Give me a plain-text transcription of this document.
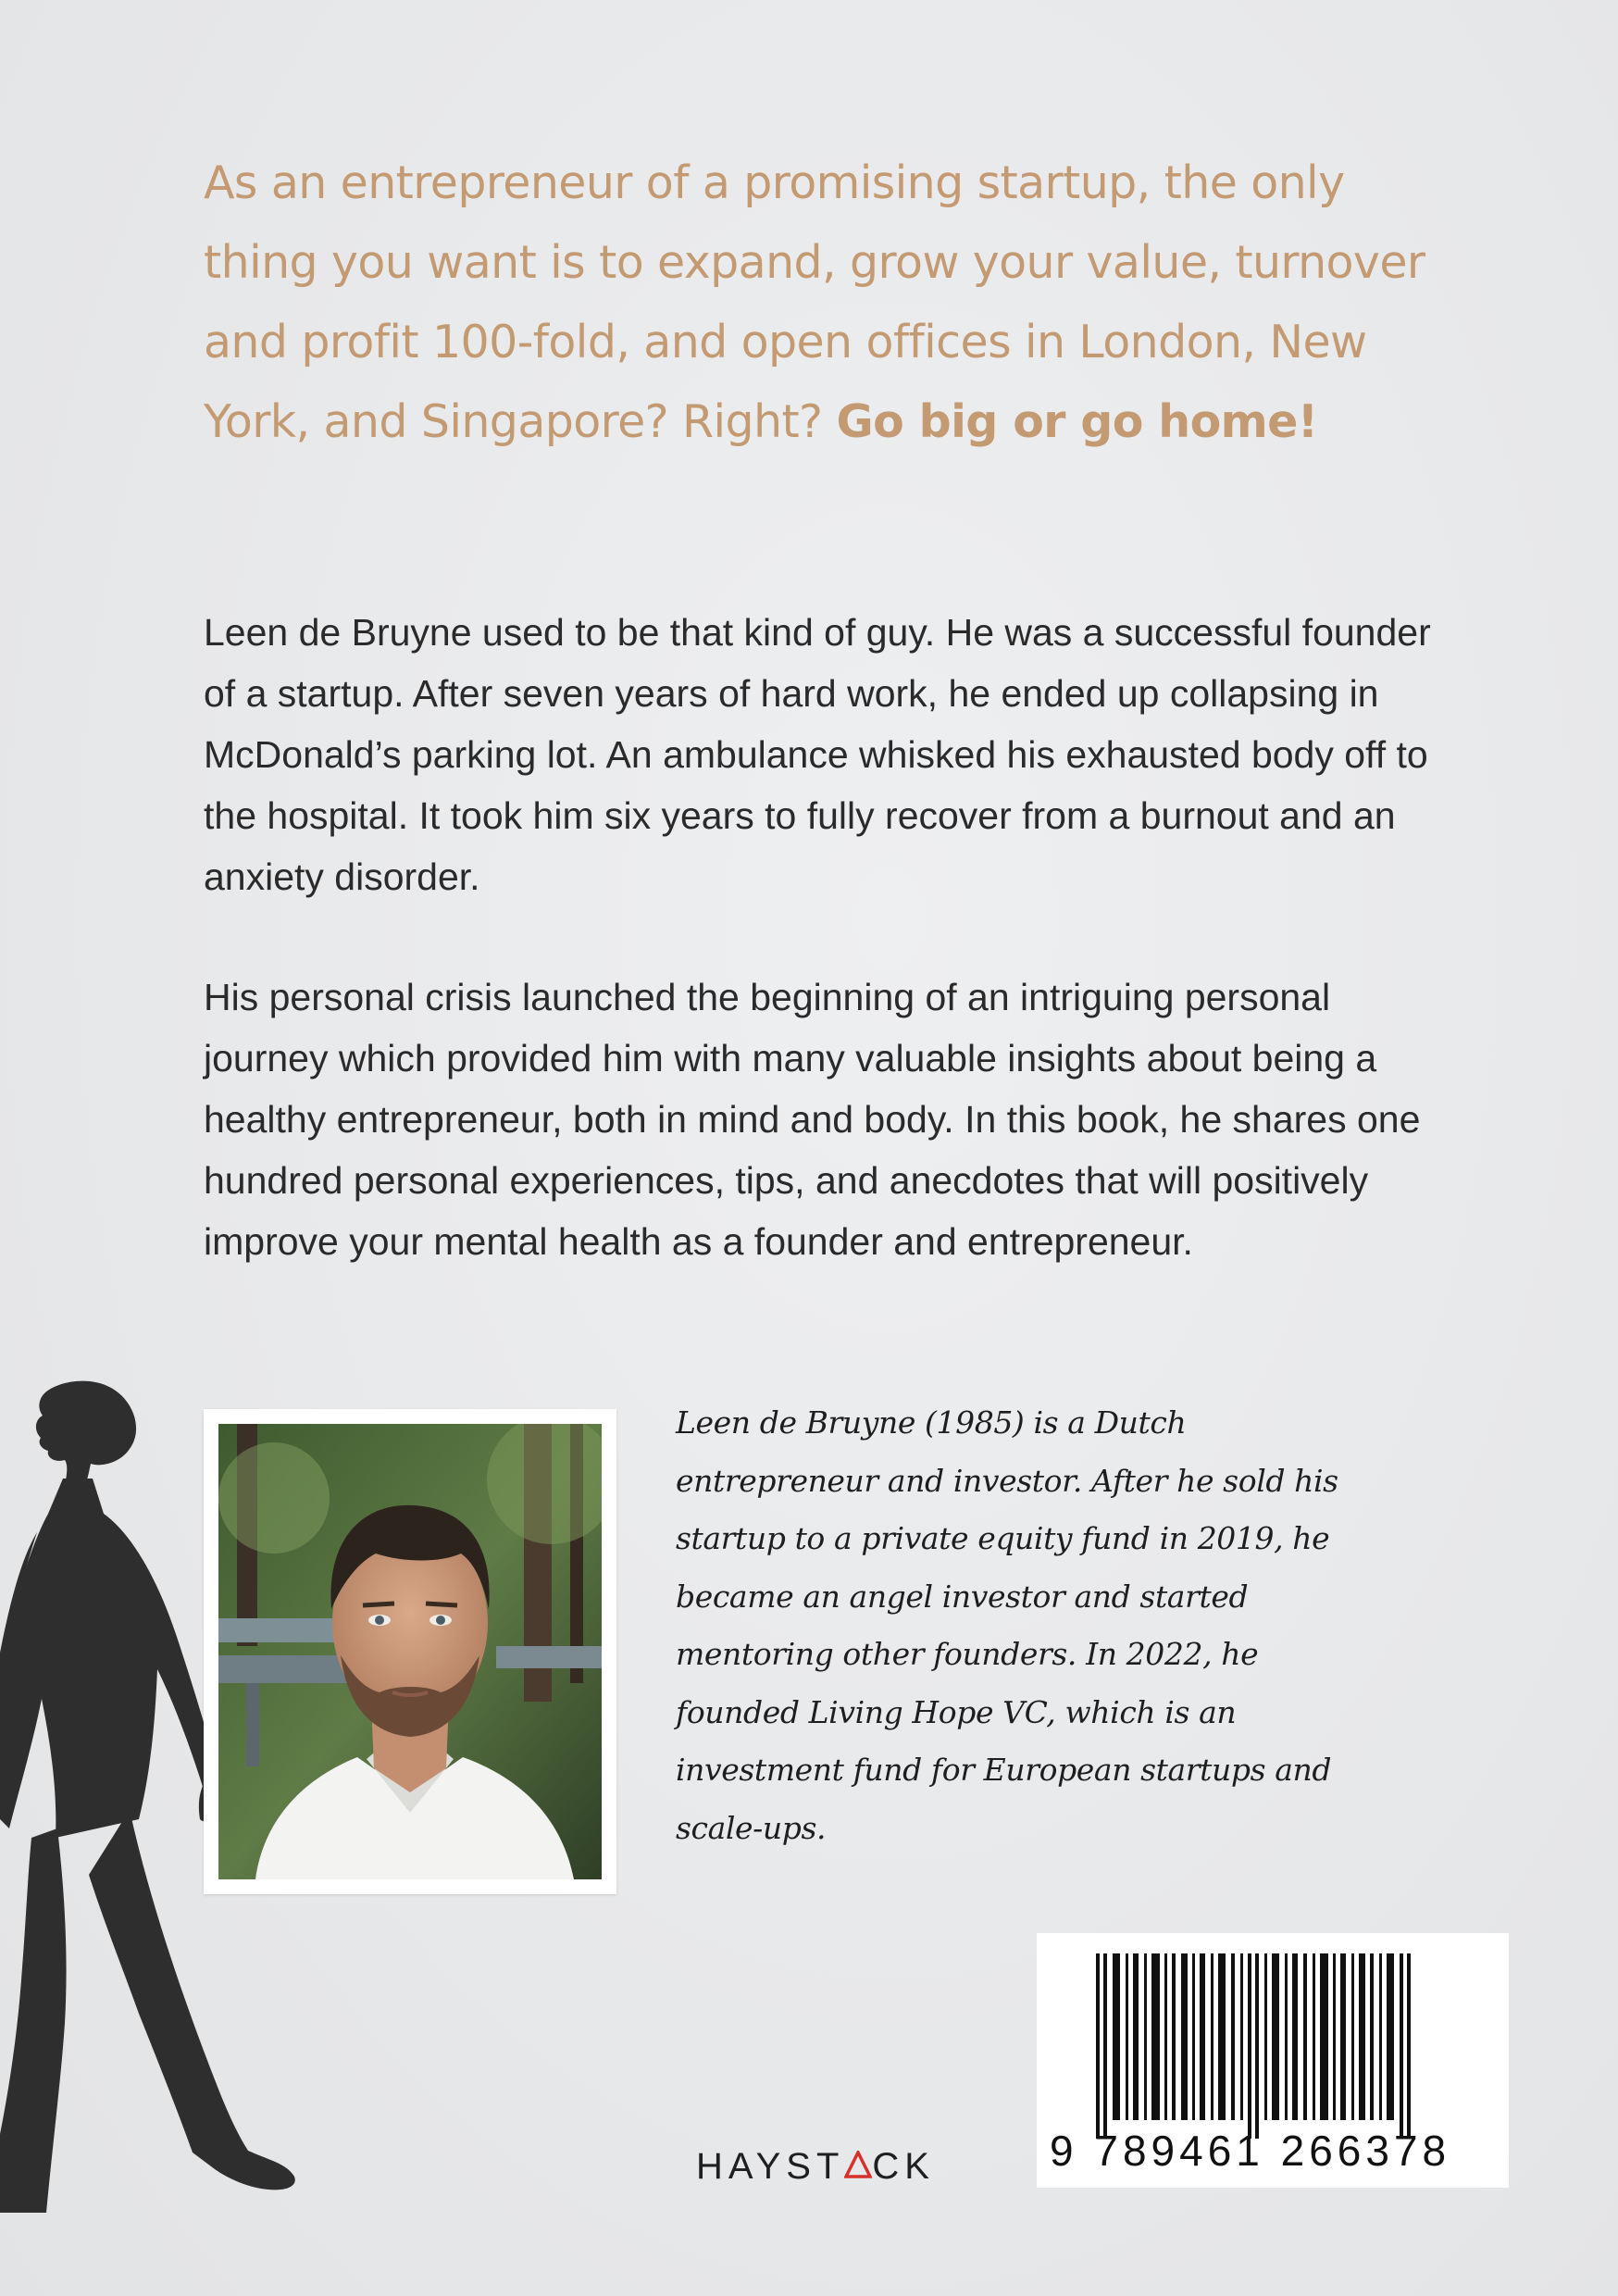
As an entrepreneur of a promising startup, the only thing you want is to expand, grow your value, turnover and profit 100-fold, and open offices in London, New York, and Singapore? Right? Go big or go home!

Leen de Bruyne used to be that kind of guy. He was a successful founder of a startup. After seven years of hard work, he ended up collapsing in McDonald’s parking lot. An ambulance whisked his exhausted body off to the hospital. It took him six years to fully recover from a burnout and an anxiety disorder.

His personal crisis launched the beginning of an intriguing personal journey which provided him with many valuable insights about being a healthy entrepreneur, both in mind and body. In this book, he shares one hundred personal experiences, tips, and anecdotes that will positively improve your mental health as a founder and entrepreneur.

Leen de Bruyne (1985) is a Dutch entrepreneur and investor. After he sold his startup to a private equity fund in 2019, he became an angel investor and started mentoring other founders. In 2022, he founded Living Hope VC, which is an investment fund for European startups and scale-ups.

HAYST CK	9 789461 266378
